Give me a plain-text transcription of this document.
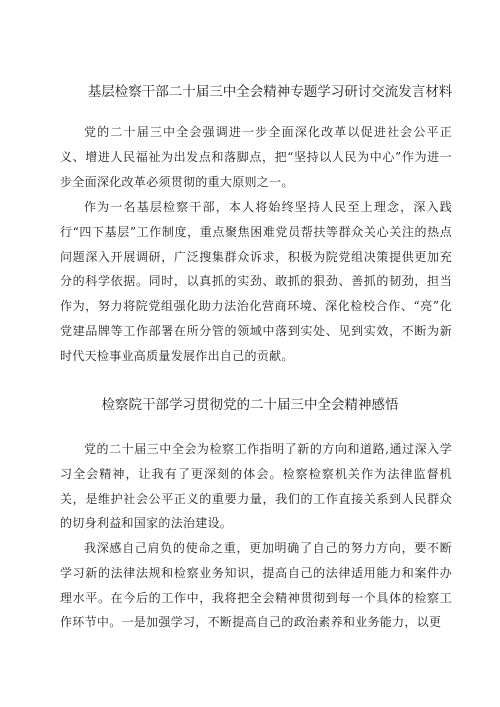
基层检察干部二十届三中全会精神专题学习研讨交流发言材料

党的二十届三中全会强调进一步全面深化改革以促进社会公平正义、增进人民福祉为出发点和落脚点，把“坚持以人民为中心”作为进一步全面深化改革必须贯彻的重大原则之一。

作为一名基层检察干部，本人将始终坚持人民至上理念，深入践行“四下基层”工作制度，重点聚焦困难党员帮扶等群众关心关注的热点问题深入开展调研，广泛搜集群众诉求，积极为院党组决策提供更加充分的科学依据。同时，以真抓的实劲、敢抓的狠劲、善抓的韧劲，担当作为，努力将院党组强化助力法治化营商环境、深化检校合作、“亮”化党建品牌等工作部署在所分管的领域中落到实处、见到实效，不断为新时代天检事业高质量发展作出自己的贡献。

检察院干部学习贯彻党的二十届三中全会精神感悟

党的二十届三中全会为检察工作指明了新的方向和道路,通过深入学习全会精神，让我有了更深刻的体会。检察检察机关作为法律监督机关，是维护社会公平正义的重要力量，我们的工作直接关系到人民群众的切身利益和国家的法治建设。

我深感自己肩负的使命之重，更加明确了自己的努力方向，要不断学习新的法律法规和检察业务知识，提高自己的法律适用能力和案件办理水平。在今后的工作中，我将把全会精神贯彻到每一个具体的检察工作环节中。一是加强学习，不断提高自己的政治素养和业务能力，以更
